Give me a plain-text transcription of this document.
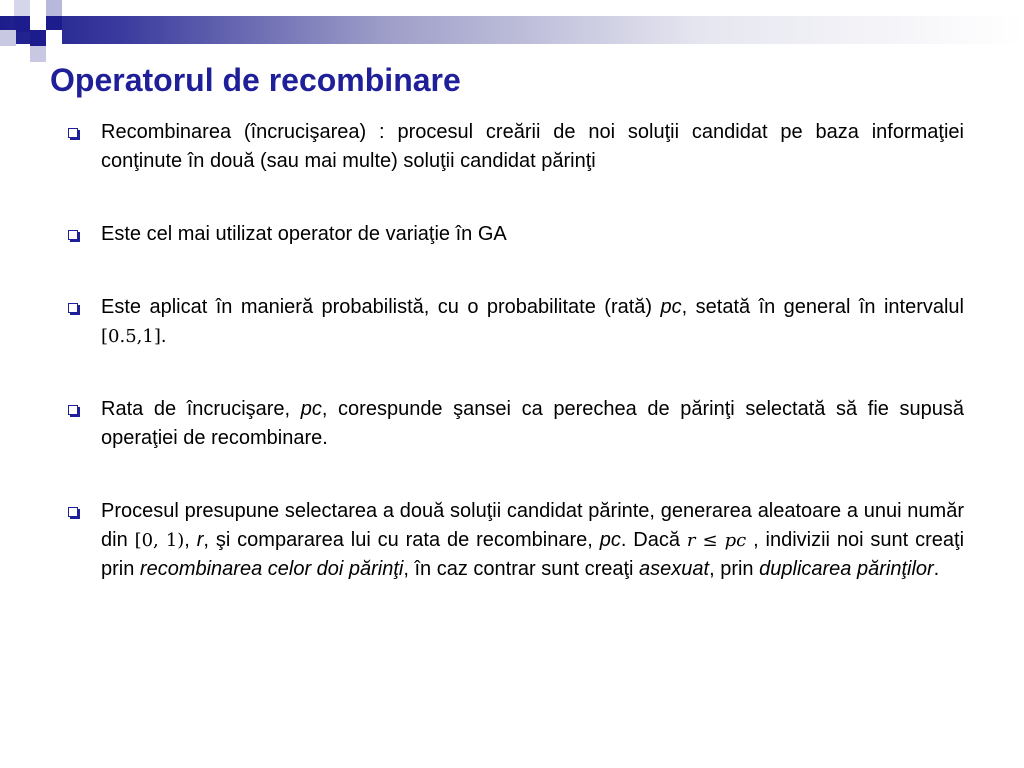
Operatorul de recombinare
Recombinarea (încrucişarea) : procesul creării de noi soluţii candidat pe baza informaţiei conţinute în două (sau mai multe) soluţii candidat părinţi
Este cel mai utilizat operator de variaţie în GA
Este aplicat în manieră probabilistă, cu o probabilitate (rată) pc, setată în general în intervalul [0.5,1].
Rata de încrucişare, pc, corespunde şansei ca perechea de părinţi selectată să fie supusă operaţiei de recombinare.
Procesul presupune selectarea a două soluţii candidat părinte, generarea aleatoare a unui număr din [0, 1), r, şi compararea lui cu rata de recombinare, pc. Dacă r ≤ pc , indivizii noi sunt creaţi prin recombinarea celor doi părinţi, în caz contrar sunt creaţi asexuat, prin duplicarea părinţilor.
